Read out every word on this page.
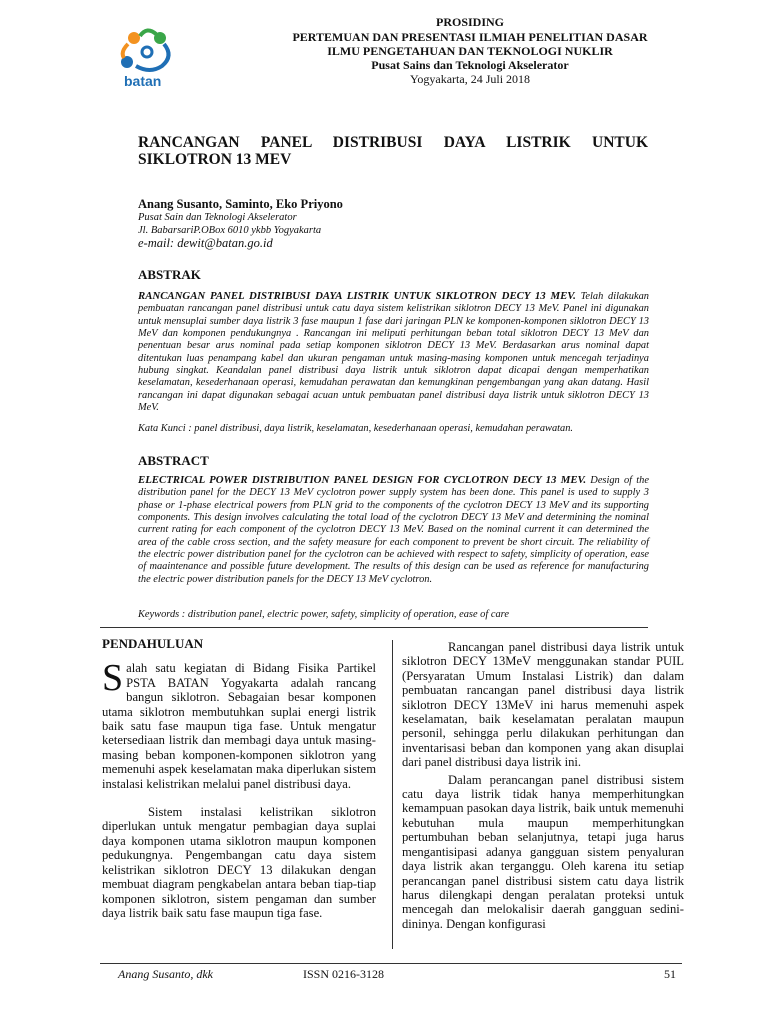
batan
PROSIDING
PERTEMUAN DAN PRESENTASI ILMIAH PENELITIAN DASAR
ILMU PENGETAHUAN DAN TEKNOLOGI NUKLIR
Pusat Sains dan Teknologi Akselerator
Yogyakarta, 24 Juli 2018
RANCANGAN PANEL DISTRIBUSI DAYA LISTRIK UNTUK
SIKLOTRON 13 MEV
Anang Susanto, Saminto, Eko Priyono
Pusat Sain dan Teknologi Akselerator
Jl. BabarsariP.OBox 6010 ykbb Yogyakarta
e-mail: dewit@batan.go.id
ABSTRAK
RANCANGAN PANEL DISTRIBUSI DAYA LISTRIK UNTUK SIKLOTRON DECY 13 MEV. Telah dilakukan pembuatan rancangan panel distribusi untuk catu daya sistem kelistrikan siklotron DECY 13 MeV. Panel ini digunakan untuk mensuplai sumber daya listrik 3 fase maupun 1 fase dari jaringan PLN ke komponen-komponen siklotron DECY 13 MeV dan komponen pendukungnya . Rancangan ini meliputi perhitungan beban total siklotron DECY 13 MeV dan penentuan besar arus nominal pada setiap komponen siklotron DECY 13 MeV. Berdasarkan arus nominal dapat ditentukan luas penampang kabel dan ukuran pengaman untuk masing-masing komponen untuk mencegah terjadinya hubung singkat. Keandalan panel distribusi daya listrik untuk siklotron dapat dicapai dengan memperhatikan keselamatan, kesederhanaan operasi, kemudahan perawatan dan kemungkinan pengembangan yang akan datang. Hasil rancangan ini dapat digunakan sebagai acuan untuk pembuatan panel distribusi daya listrik untuk siklotron DECY 13 MeV.
Kata Kunci : panel distribusi, daya listrik, keselamatan, kesederhanaan operasi, kemudahan perawatan.
ABSTRACT
ELECTRICAL POWER DISTRIBUTION PANEL DESIGN FOR CYCLOTRON DECY 13 MEV. Design of the distribution panel for the DECY 13 MeV cyclotron power supply system has been done. This panel is used to supply 3 phase or 1-phase electrical powers from PLN grid to the components of the cyclotron DECY 13 MeV and its supporting components. This design involves calculating the total load of the cyclotron DECY 13 MeV and determining the nominal current rating for each component of the cyclotron DECY 13 MeV. Based on the nominal current it can determined the area of the cable cross section, and the safety measure for each component to prevent be short circuit. The reliability of the electric power distribution panel for the cyclotron can be achieved with respect to safety, simplicity of operation, ease of maaintenance and possible future development. The results of this design can be used as reference for manufacturing the electric power distribution panels for the DECY 13 MeV cyclotron.
Keywords : distribution panel, electric power, safety, simplicity of operation, ease of care
PENDAHULUAN

Salah satu kegiatan di Bidang Fisika Partikel PSTA BATAN Yogyakarta adalah rancang bangun siklotron. Sebagaian besar komponen utama siklotron membutuhkan suplai energi listrik baik satu fase maupun tiga fase. Untuk mengatur ketersediaan listrik dan membagi daya untuk masing-masing beban komponen-komponen siklotron yang memenuhi aspek keselamatan maka diperlukan sistem instalasi kelistrikan melalui panel distribusi daya.

Sistem instalasi kelistrikan siklotron diperlukan untuk mengatur pembagian daya suplai daya komponen utama siklotron maupun komponen pedukungnya. Pengembangan catu daya sistem kelistrikan siklotron DECY 13 dilakukan dengan membuat diagram pengkabelan antara beban tiap-tiap komponen siklotron, sistem pengaman dan sumber daya listrik baik satu fase maupun tiga fase.

Rancangan panel distribusi daya listrik untuk siklotron DECY 13MeV menggunakan standar PUIL (Persyaratan Umum Instalasi Listrik) dan dalam pembuatan rancangan panel distribusi daya listrik siklotron DECY 13MeV ini harus memenuhi aspek keselamatan, baik keselamatan peralatan maupun personil, sehingga perlu dilakukan perhitungan dan inventarisasi beban dan komponen yang akan disuplai dari panel distribusi daya listrik ini.

Dalam perancangan panel distribusi sistem catu daya listrik tidak hanya memperhitungkan kemampuan pasokan daya listrik, baik untuk memenuhi kebutuhan mula maupun memperhitungkan pertumbuhan beban selanjutnya, tetapi juga harus mengantisipasi adanya gangguan sistem penyaluran daya listrik akan terganggu. Oleh karena itu setiap perancangan panel distribusi sistem catu daya listrik harus dilengkapi dengan peralatan proteksi untuk mencegah dan melokalisir daerah gangguan sedini-dininya. Dengan konfigurasi

Anang Susanto, dkk	ISSN 0216-3128	51
